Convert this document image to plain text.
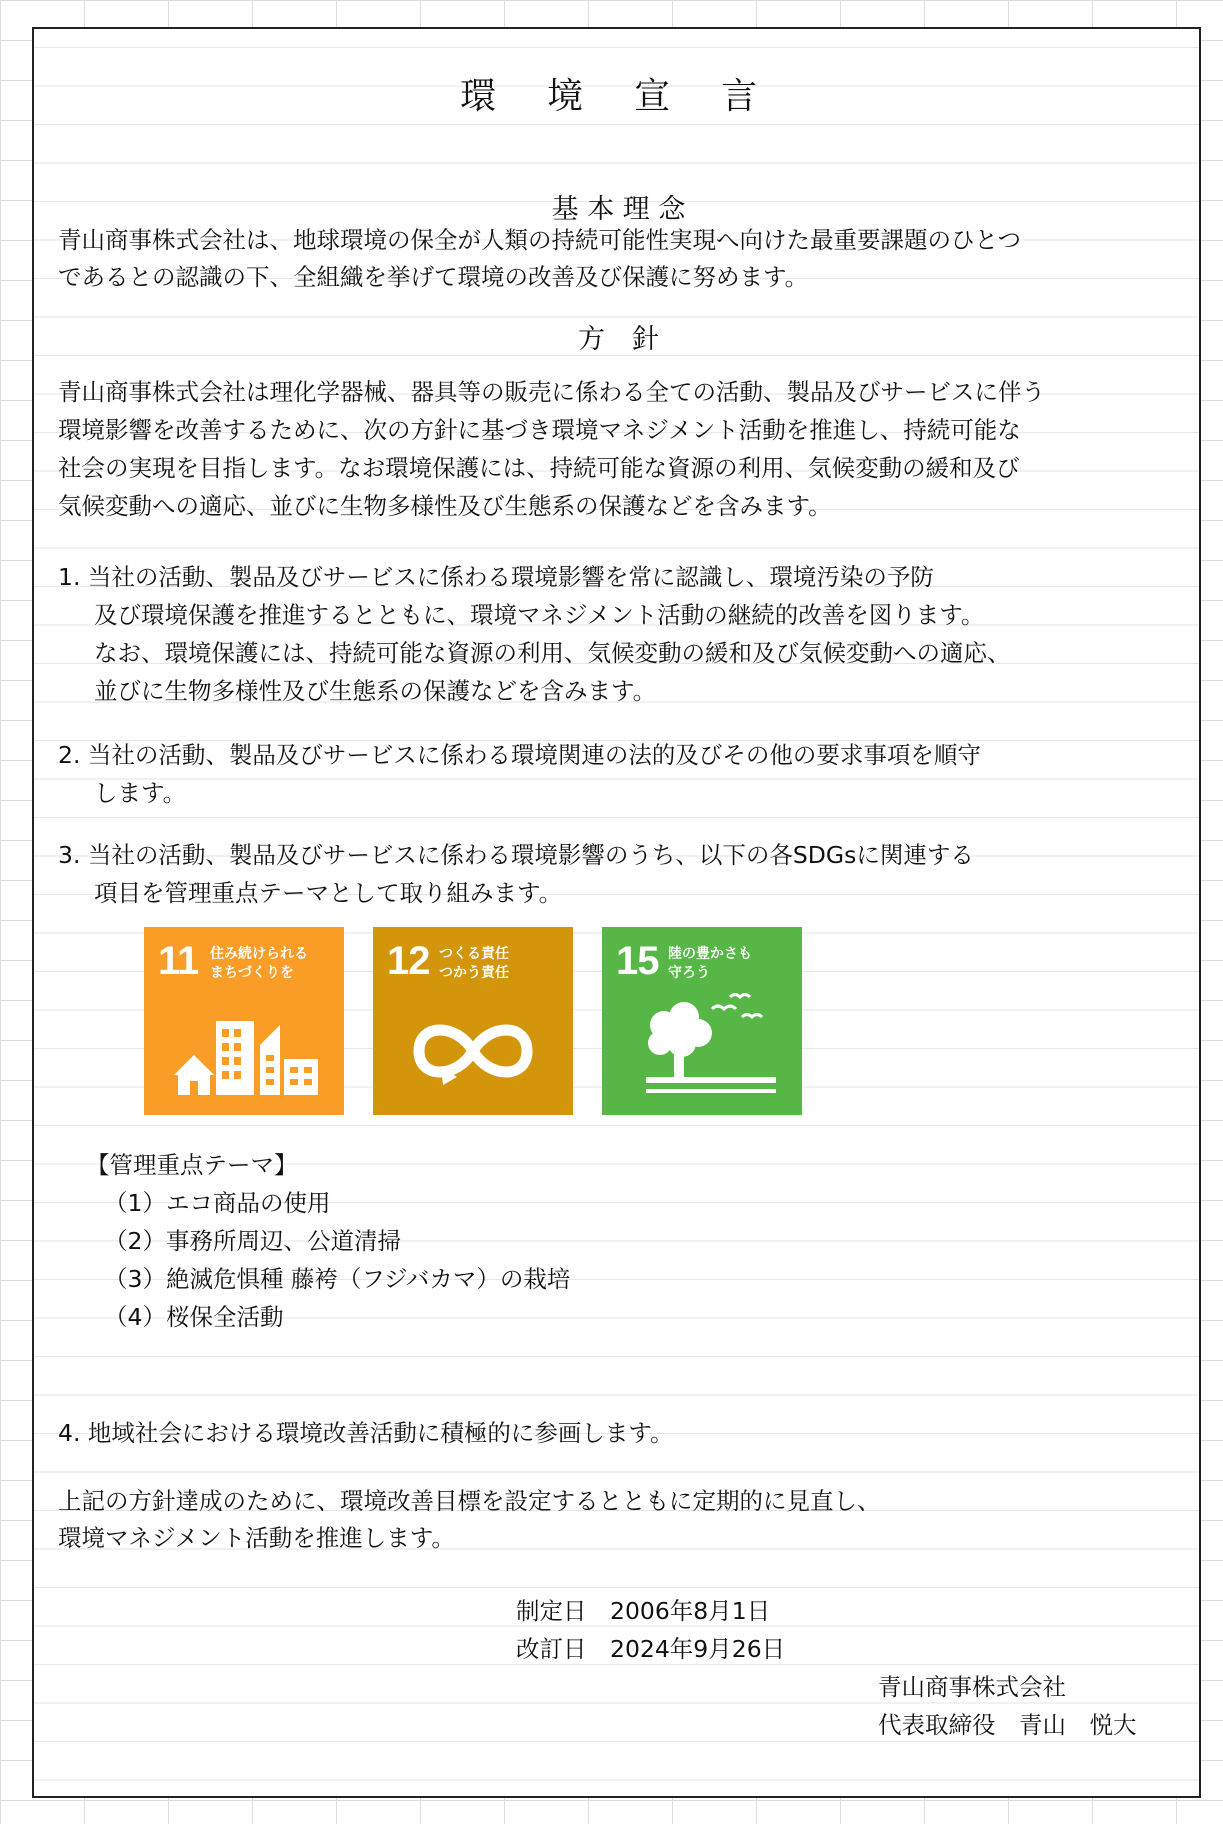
環 境 宣 言

基 本 理 念

青山商事株式会社は、地球環境の保全が人類の持続可能性実現へ向けた最重要課題のひとつ

であるとの認識の下、全組織を挙げて環境の改善及び保護に努めます。

方　針

青山商事株式会社は理化学器械、器具等の販売に係わる全ての活動、製品及びサービスに伴う

環境影響を改善するために、次の方針に基づき環境マネジメント活動を推進し、持続可能な

社会の実現を目指します。なお環境保護には、持続可能な資源の利用、気候変動の緩和及び

気候変動への適応、並びに生物多様性及び生態系の保護などを含みます。

1. 当社の活動、製品及びサービスに係わる環境影響を常に認識し、環境汚染の予防

及び環境保護を推進するとともに、環境マネジメント活動の継続的改善を図ります。

なお、環境保護には、持続可能な資源の利用、気候変動の緩和及び気候変動への適応、

並びに生物多様性及び生態系の保護などを含みます。

2. 当社の活動、製品及びサービスに係わる環境関連の法的及びその他の要求事項を順守

します。

3. 当社の活動、製品及びサービスに係わる環境影響のうち、以下の各SDGsに関連する

項目を管理重点テーマとして取り組みます。

11 住み続けられる
まちづくりを	12 つくる責任
つかう責任	15 陸の豊かさも
守ろう

【管理重点テーマ】

（1）エコ商品の使用

（2）事務所周辺、公道清掃

（3）絶滅危惧種 藤袴（フジバカマ）の栽培

（4）桜保全活動

4. 地域社会における環境改善活動に積極的に参画します。

上記の方針達成のために、環境改善目標を設定するとともに定期的に見直し、

環境マネジメント活動を推進します。

制定日　2006年8月1日

改訂日　2024年9月26日

青山商事株式会社

代表取締役　青山　悦大
